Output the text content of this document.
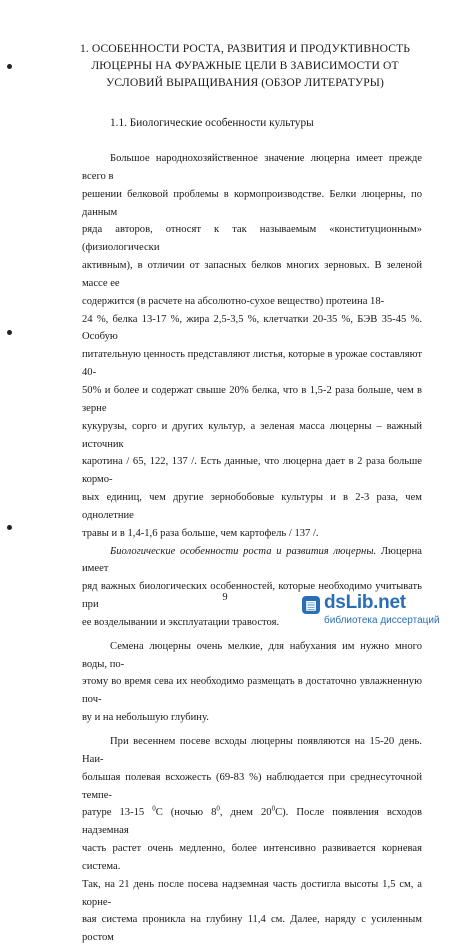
1. ОСОБЕННОСТИ РОСТА, РАЗВИТИЯ И ПРОДУКТИВНОСТЬ
ЛЮЦЕРНЫ НА ФУРАЖНЫЕ ЦЕЛИ В ЗАВИСИМОСТИ ОТ
УСЛОВИЙ ВЫРАЩИВАНИЯ (ОБЗОР ЛИТЕРАТУРЫ)
1.1. Биологические особенности культуры

Большое народнохозяйственное значение люцерна имеет прежде всего в
решении белковой проблемы в кормопроизводстве. Белки люцерны, по данным
ряда авторов, относят к так называемым «конституционным» (физиологически
активным), в отличии от запасных белков многих зерновых. В зеленой массе ее
содержится (в расчете на абсолютно-сухое вещество) протеина 18-
24 %, белка 13-17 %, жира 2,5-3,5 %, клетчатки 20-35 %, БЭВ 35-45 %. Особую
питательную ценность представляют листья, которые в урожае составляют 40-
50% и более и содержат свыше 20% белка, что в 1,5-2 раза больше, чем в зерне
кукурузы, сорго и других культур, а зеленая масса люцерны – важный источник
каротина / 65, 122, 137 /. Есть данные, что люцерна дает в 2 раза больше кормо-
вых единиц, чем другие зернобобовые культуры и в 2-3 раза, чем однолетние
травы и в 1,4-1,6 раза больше, чем картофель / 137 /.

Биологические особенности роста и развития люцерны. Люцерна имеет
ряд важных биологических особенностей, которые необходимо учитывать при
ее возделывании и эксплуатации травостоя.

Семена люцерны очень мелкие, для набухания им нужно много воды, по-
этому во время сева их необходимо размещать в достаточно увлажненную поч-
ву и на небольшую глубину.

При весеннем посеве всходы люцерны появляются на 15-20 день. Наи-
большая полевая всхожесть (69-83 %) наблюдается при среднесуточной темпе-
ратуре 13-15 $^0$С (ночью $8^0$, днем $20^0С$). После появления всходов надземная
часть растет очень медленно, более интенсивно развивается корневая система.
Так, на 21 день после посева надземная часть достигла высоты 1,5 см, а корне-
вая система проникла на глубину 11,4 см. Далее, наряду с усиленным ростом

9
▤ dsLib.net
библиотека диссертаций
